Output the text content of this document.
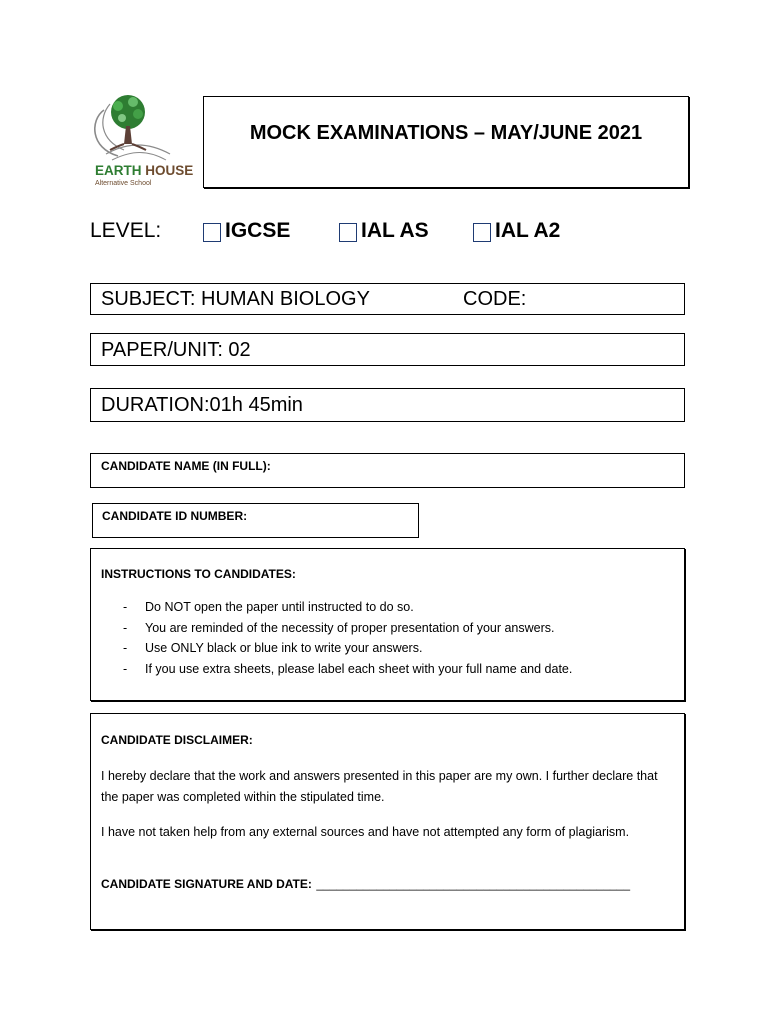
EARTH HOUSE
Alternative School
MOCK EXAMINATIONS – MAY/JUNE 2021
LEVEL:	IGCSE	IAL AS	IAL A2
SUBJECT: HUMAN BIOLOGY	CODE:
PAPER/UNIT: 02
DURATION:01h 45min
CANDIDATE NAME (IN FULL):
CANDIDATE ID NUMBER:
INSTRUCTIONS TO CANDIDATES:
- Do NOT open the paper until instructed to do so.
- You are reminded of the necessity of proper presentation of your answers.
- Use ONLY black or blue ink to write your answers.
- If you use extra sheets, please label each sheet with your full name and date.
CANDIDATE DISCLAIMER:
I hereby declare that the work and answers presented in this paper are my own. I further declare that the paper was completed within the stipulated time.
I have not taken help from any external sources and have not attempted any form of plagiarism.
CANDIDATE SIGNATURE AND DATE: _______________________________________________
